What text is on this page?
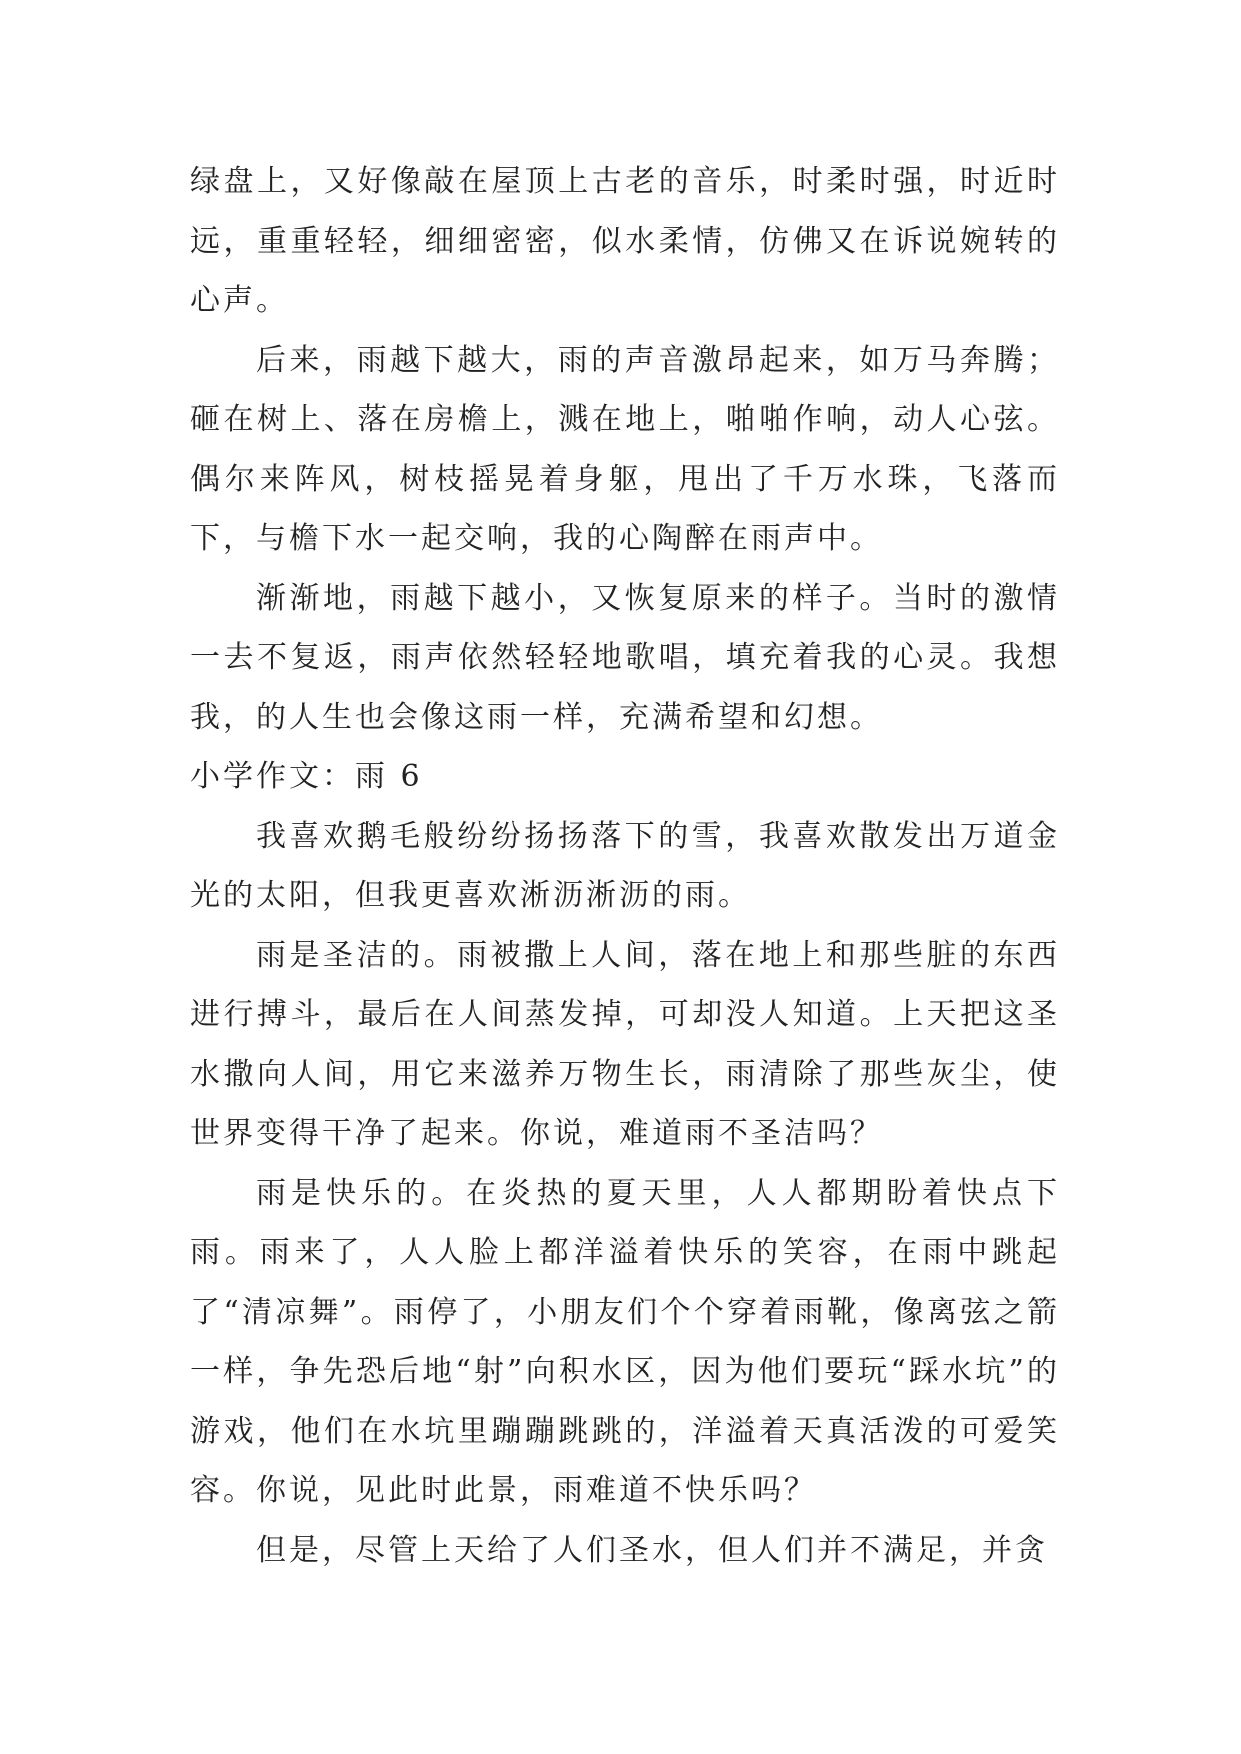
绿盘上，又好像敲在屋顶上古老的音乐，时柔时强，时近时远，重重轻轻，细细密密，似水柔情，仿佛又在诉说婉转的心声。

后来，雨越下越大，雨的声音激昂起来，如万马奔腾；砸在树上、落在房檐上，溅在地上，啪啪作响，动人心弦。偶尔来阵风，树枝摇晃着身躯，甩出了千万水珠，飞落而下，与檐下水一起交响，我的心陶醉在雨声中。

渐渐地，雨越下越小，又恢复原来的样子。当时的激情一去不复返，雨声依然轻轻地歌唱，填充着我的心灵。我想我，的人生也会像这雨一样，充满希望和幻想。

小学作文：雨 6

我喜欢鹅毛般纷纷扬扬落下的雪，我喜欢散发出万道金光的太阳，但我更喜欢淅沥淅沥的雨。

雨是圣洁的。雨被撒上人间，落在地上和那些脏的东西进行搏斗，最后在人间蒸发掉，可却没人知道。上天把这圣水撒向人间，用它来滋养万物生长，雨清除了那些灰尘，使世界变得干净了起来。你说，难道雨不圣洁吗？

雨是快乐的。在炎热的夏天里，人人都期盼着快点下雨。雨来了，人人脸上都洋溢着快乐的笑容，在雨中跳起了“清凉舞”。雨停了，小朋友们个个穿着雨靴，像离弦之箭一样，争先恐后地“射”向积水区，因为他们要玩“踩水坑”的游戏，他们在水坑里蹦蹦跳跳的，洋溢着天真活泼的可爱笑容。你说，见此时此景，雨难道不快乐吗？

但是，尽管上天给了人们圣水，但人们并不满足，并贪
